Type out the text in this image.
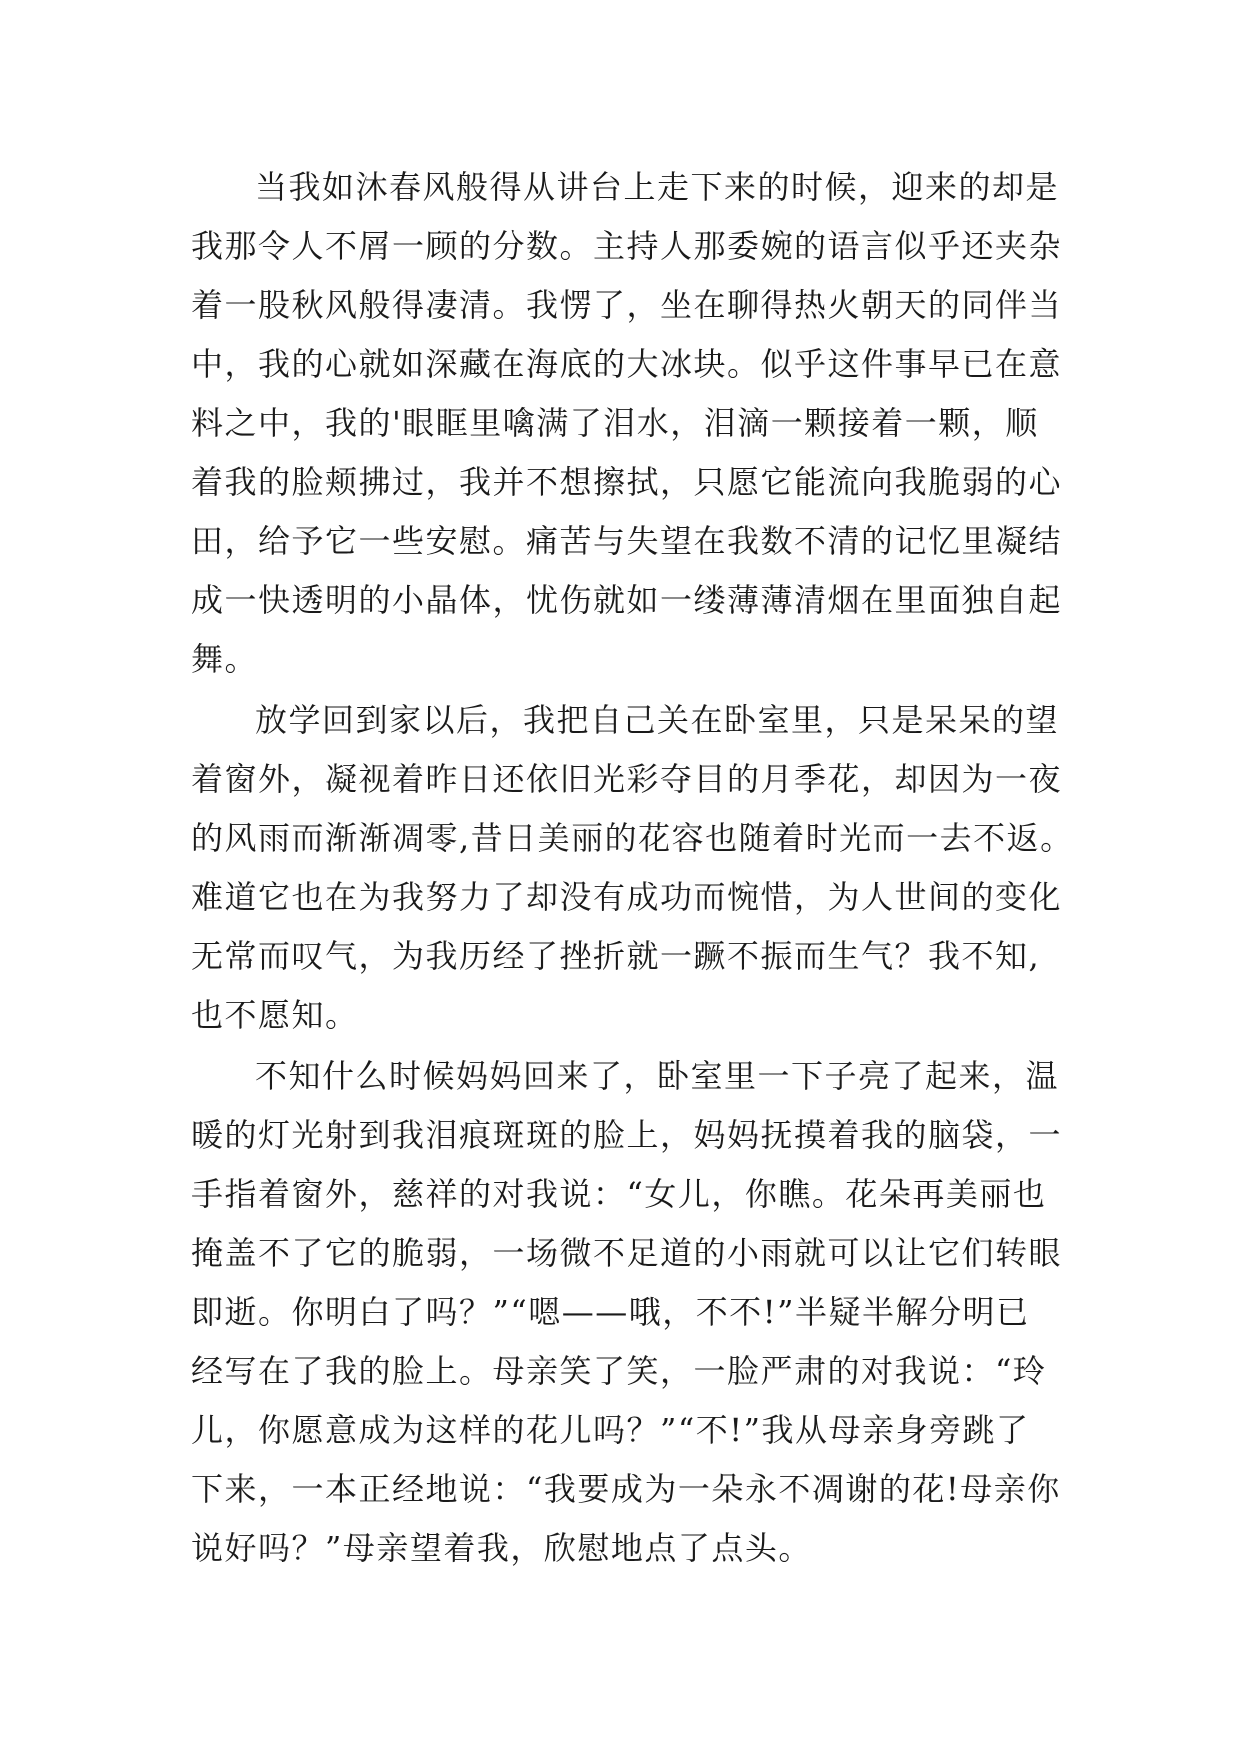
当我如沐春风般得从讲台上走下来的时候，迎来的却是
我那令人不屑一顾的分数。主持人那委婉的语言似乎还夹杂
着一股秋风般得凄清。我愣了，坐在聊得热火朝天的同伴当
中，我的心就如深藏在海底的大冰块。似乎这件事早已在意
料之中，我的'眼眶里噙满了泪水，泪滴一颗接着一颗，顺
着我的脸颊拂过，我并不想擦拭，只愿它能流向我脆弱的心
田，给予它一些安慰。痛苦与失望在我数不清的记忆里凝结
成一快透明的小晶体，忧伤就如一缕薄薄清烟在里面独自起
舞。

放学回到家以后，我把自己关在卧室里，只是呆呆的望
着窗外，凝视着昨日还依旧光彩夺目的月季花，却因为一夜
的风雨而渐渐凋零,昔日美丽的花容也随着时光而一去不返。
难道它也在为我努力了却没有成功而惋惜，为人世间的变化
无常而叹气，为我历经了挫折就一蹶不振而生气？我不知,
也不愿知。

不知什么时候妈妈回来了，卧室里一下子亮了起来，温
暖的灯光射到我泪痕斑斑的脸上，妈妈抚摸着我的脑袋，一
手指着窗外，慈祥的对我说：“女儿，你瞧。花朵再美丽也
掩盖不了它的脆弱，一场微不足道的小雨就可以让它们转眼
即逝。你明白了吗？”“嗯——哦，不不!”半疑半解分明已
经写在了我的脸上。母亲笑了笑，一脸严肃的对我说：“玲
儿，你愿意成为这样的花儿吗？”“不!”我从母亲身旁跳了
下来，一本正经地说：“我要成为一朵永不凋谢的花!母亲你
说好吗？”母亲望着我，欣慰地点了点头。
